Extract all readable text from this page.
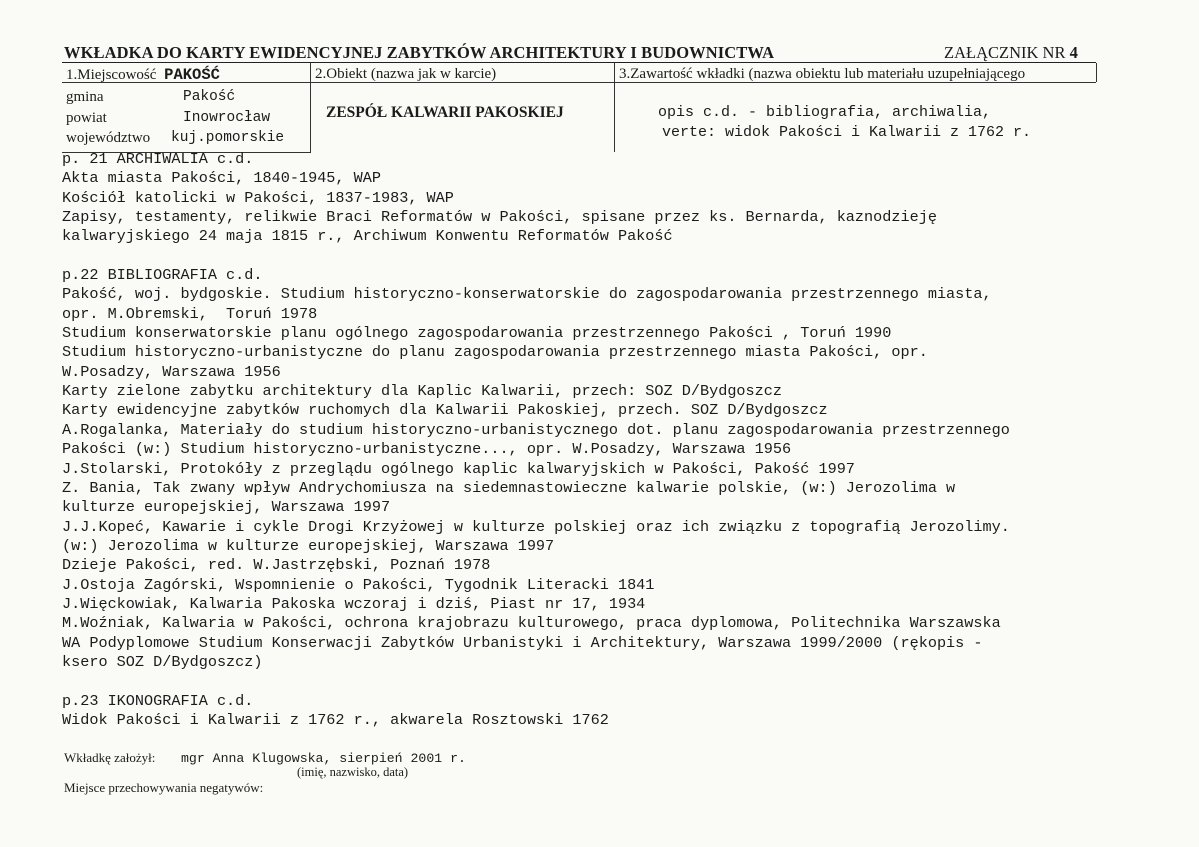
WKŁADKA DO KARTY EWIDENCYJNEJ ZABYTKÓW ARCHITEKTURY I BUDOWNICTWA	ZAŁĄCZNIK NR 4
1.Miejscowość PAKOŚĆ
gmina	Pakość
powiat	Inowrocław
województwo kuj.pomorskie
2.Obiekt (nazwa jak w karcie)
ZESPÓŁ KALWARII PAKOSKIEJ
3.Zawartość wkładki (nazwa obiektu lub materiału uzupełniającego
opis c.d. - bibliografia, archiwalia,
verte: widok Pakości i Kalwarii z 1762 r.
p. 21 ARCHIWALIA c.d.
Akta miasta Pakości, 1840-1945, WAP
Kościół katolicki w Pakości, 1837-1983, WAP
Zapisy, testamenty, relikwie Braci Reformatów w Pakości, spisane przez ks. Bernarda, kaznodzieję
kalwaryjskiego 24 maja 1815 r., Archiwum Konwentu Reformatów Pakość
p.22 BIBLIOGRAFIA c.d.
Pakość, woj. bydgoskie. Studium historyczno-konserwatorskie do zagospodarowania przestrzennego miasta,
opr. M.Obremski,  Toruń 1978
Studium konserwatorskie planu ogólnego zagospodarowania przestrzennego Pakości , Toruń 1990
Studium historyczno-urbanistyczne do planu zagospodarowania przestrzennego miasta Pakości, opr.
W.Posadzy, Warszawa 1956
Karty zielone zabytku architektury dla Kaplic Kalwarii, przech: SOZ D/Bydgoszcz
Karty ewidencyjne zabytków ruchomych dla Kalwarii Pakoskiej, przech. SOZ D/Bydgoszcz
A.Rogalanka, Materiały do studium historyczno-urbanistycznego dot. planu zagospodarowania przestrzennego
Pakości (w:) Studium historyczno-urbanistyczne..., opr. W.Posadzy, Warszawa 1956
J.Stolarski, Protokóły z przeglądu ogólnego kaplic kalwaryjskich w Pakości, Pakość 1997
Z. Bania, Tak zwany wpływ Andrychomiusza na siedemnastowieczne kalwarie polskie, (w:) Jerozolima w
kulturze europejskiej, Warszawa 1997
J.J.Kopeć, Kawarie i cykle Drogi Krzyżowej w kulturze polskiej oraz ich związku z topografią Jerozolimy.
(w:) Jerozolima w kulturze europejskiej, Warszawa 1997
Dzieje Pakości, red. W.Jastrzębski, Poznań 1978
J.Ostoja Zagórski, Wspomnienie o Pakości, Tygodnik Literacki 1841
J.Więckowiak, Kalwaria Pakoska wczoraj i dziś, Piast nr 17, 1934
M.Woźniak, Kalwaria w Pakości, ochrona krajobrazu kulturowego, praca dyplomowa, Politechnika Warszawska
WA Podyplomowe Studium Konserwacji Zabytków Urbanistyki i Architektury, Warszawa 1999/2000 (rękopis -
ksero SOZ D/Bydgoszcz)
p.23 IKONOGRAFIA c.d.
Widok Pakości i Kalwarii z 1762 r., akwarela Rosztowski 1762
Wkładkę założył: mgr Anna Klugowska, sierpień 2001 r.
(imię, nazwisko, data)
Miejsce przechowywania negatywów:
